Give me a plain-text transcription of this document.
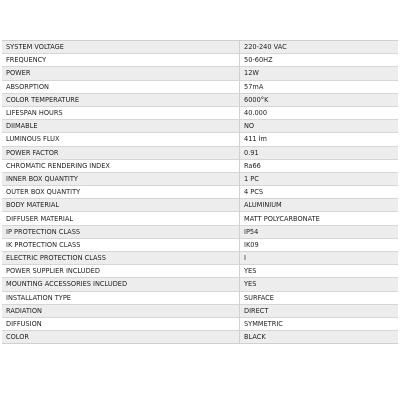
SYSTEM VOLTAGE	220-240 VAC
FREQUENCY	50-60HZ
POWER	12W
ABSORPTION	57mA
COLOR TEMPERATURE	6000°K
LIFESPAN HOURS	40.000
DIIMABLE	NO
LUMINOUS FLUX	411 lm
POWER FACTOR	0.91
CHROMATIC RENDERING INDEX	Ra66
INNER BOX QUANTITY	1 PC
OUTER BOX QUANTITY	4 PCS
BODY MATERIAL	ALUMINIUM
DIFFUSER MATERIAL	MATT POLYCARBONATE
IP PROTECTION CLASS	IP54
IK PROTECTION CLASS	IK09
ELECTRIC PROTECTION CLASS	I
POWER SUPPLIER INCLUDED	YES
MOUNTING ACCESSORIES INCLUDED	YES
INSTALLATION TYPE	SURFACE
RADIATION	DIRECT
DIFFUSION	SYMMETRIC
COLOR	BLACK
